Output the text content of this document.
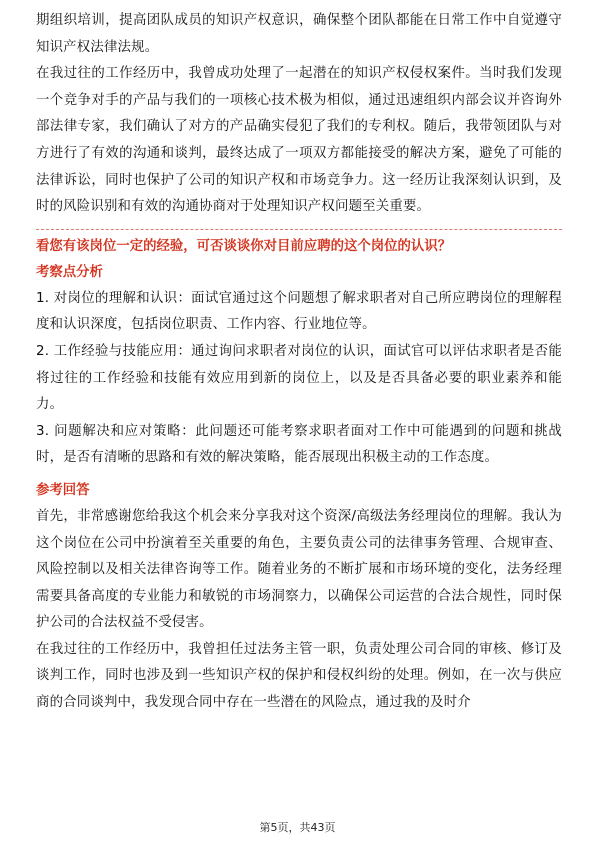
期组织培训，提高团队成员的知识产权意识，确保整个团队都能在日常工作中自觉遵守知识产权法律法规。

在我过往的工作经历中，我曾成功处理了一起潜在的知识产权侵权案件。当时我们发现一个竞争对手的产品与我们的一项核心技术极为相似，通过迅速组织内部会议并咨询外部法律专家，我们确认了对方的产品确实侵犯了我们的专利权。随后，我带领团队与对方进行了有效的沟通和谈判，最终达成了一项双方都能接受的解决方案，避免了可能的法律诉讼，同时也保护了公司的知识产权和市场竞争力。这一经历让我深刻认识到，及时的风险识别和有效的沟通协商对于处理知识产权问题至关重要。

看您有该岗位一定的经验，可否谈谈你对目前应聘的这个岗位的认识？

考察点分析

1. 对岗位的理解和认识：面试官通过这个问题想了解求职者对自己所应聘岗位的理解程度和认识深度，包括岗位职责、工作内容、行业地位等。

2. 工作经验与技能应用：通过询问求职者对岗位的认识，面试官可以评估求职者是否能将过往的工作经验和技能有效应用到新的岗位上，以及是否具备必要的职业素养和能力。

3. 问题解决和应对策略：此问题还可能考察求职者面对工作中可能遇到的问题和挑战时，是否有清晰的思路和有效的解决策略，能否展现出积极主动的工作态度。

参考回答

首先，非常感谢您给我这个机会来分享我对这个资深/高级法务经理岗位的理解。我认为这个岗位在公司中扮演着至关重要的角色，主要负责公司的法律事务管理、合规审查、风险控制以及相关法律咨询等工作。随着业务的不断扩展和市场环境的变化，法务经理需要具备高度的专业能力和敏锐的市场洞察力，以确保公司运营的合法合规性，同时保护公司的合法权益不受侵害。

在我过往的工作经历中，我曾担任过法务主管一职，负责处理公司合同的审核、修订及谈判工作，同时也涉及到一些知识产权的保护和侵权纠纷的处理。例如，在一次与供应商的合同谈判中，我发现合同中存在一些潜在的风险点，通过我的及时介

第5页，共43页
